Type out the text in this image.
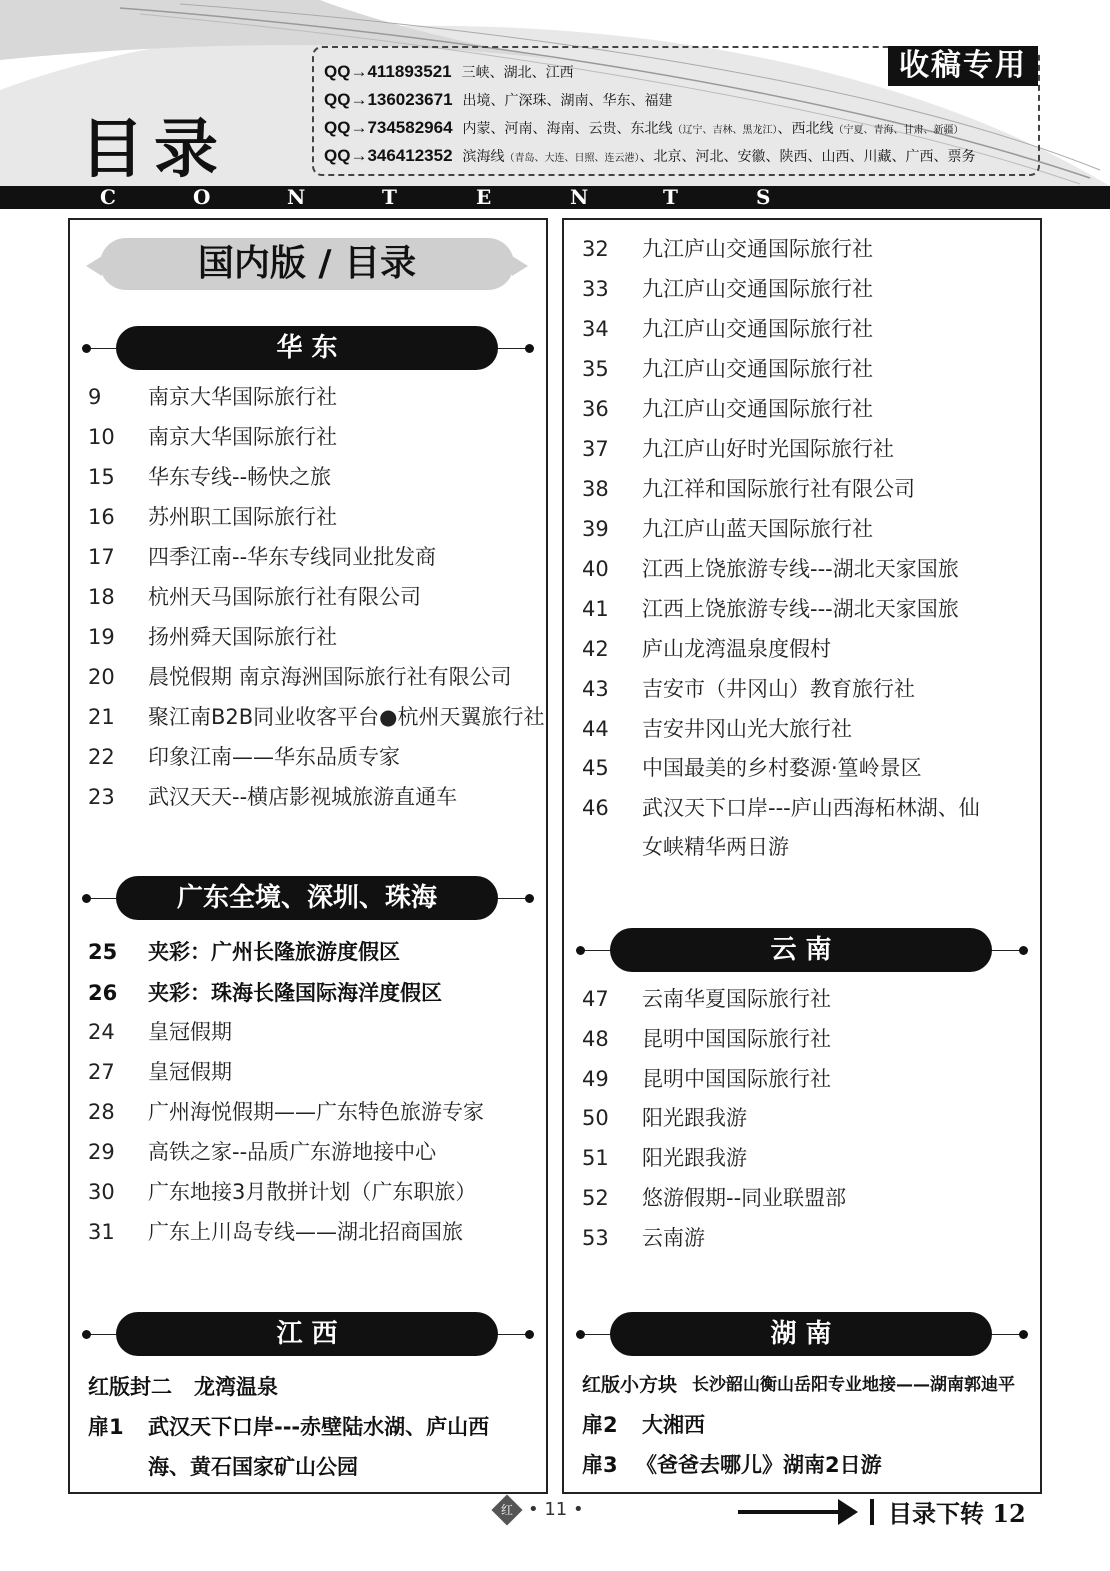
目录
QQ→411893521 三峡、湖北、江西
QQ→136023671 出境、广深珠、湖南、华东、福建
QQ→734582964 内蒙、河南、海南、云贵、东北线（辽宁、吉林、黑龙江）、西北线（宁夏、青海、甘肃、新疆）
QQ→346412352 滨海线（青岛、大连、日照、连云港）、北京、河北、安徽、陕西、山西、川藏、广西、票务
收稿专用
C	O	N	T	E	N	T	S
国内版 / 目录
华 东
9 南京大华国际旅行社
10 南京大华国际旅行社
15 华东专线--畅快之旅
16 苏州职工国际旅行社
17 四季江南--华东专线同业批发商
18 杭州天马国际旅行社有限公司
19 扬州舜天国际旅行社
20 晨悦假期 南京海洲国际旅行社有限公司
21 聚江南B2B同业收客平台●杭州天翼旅行社
22 印象江南——华东品质专家
23 武汉天天--横店影视城旅游直通车
广东全境、深圳、珠海
25 夹彩：广州长隆旅游度假区
26 夹彩：珠海长隆国际海洋度假区
24 皇冠假期
27 皇冠假期
28 广州海悦假期——广东特色旅游专家
29 高铁之家--品质广东游地接中心
30 广东地接3月散拼计划（广东职旅）
31 广东上川岛专线——湖北招商国旅
江 西
红版封二 龙湾温泉
扉1 武汉天下口岸---赤壁陆水湖、庐山西
海、黄石国家矿山公园
32 九江庐山交通国际旅行社
33 九江庐山交通国际旅行社
34 九江庐山交通国际旅行社
35 九江庐山交通国际旅行社
36 九江庐山交通国际旅行社
37 九江庐山好时光国际旅行社
38 九江祥和国际旅行社有限公司
39 九江庐山蓝天国际旅行社
40 江西上饶旅游专线---湖北天家国旅
41 江西上饶旅游专线---湖北天家国旅
42 庐山龙湾温泉度假村
43 吉安市（井冈山）教育旅行社
44 吉安井冈山光大旅行社
45 中国最美的乡村婺源·篁岭景区
46 武汉天下口岸---庐山西海柘林湖、仙
女峡精华两日游
云 南
47 云南华夏国际旅行社
48 昆明中国国际旅行社
49 昆明中国国际旅行社
50 阳光跟我游
51 阳光跟我游
52 悠游假期--同业联盟部
53 云南游
湖 南
红版小方块 长沙韶山衡山岳阳专业地接——湖南郭迪平
扉2 大湘西
扉3 《爸爸去哪儿》湖南2日游
红 • 11 •	目录下转 12
